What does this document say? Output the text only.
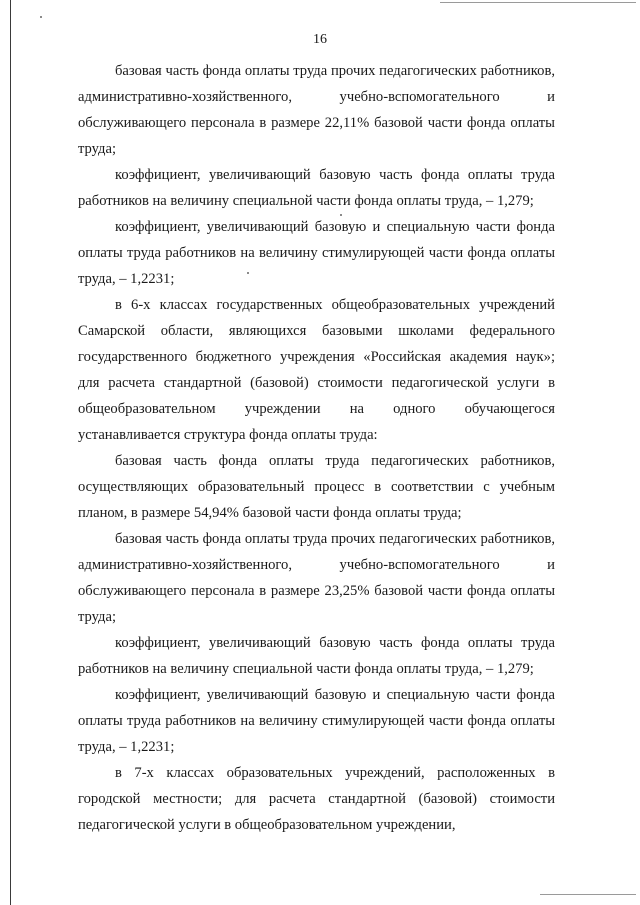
16

базовая часть фонда оплаты труда прочих педагогических работников, административно-хозяйственного, учебно-вспомогательного и обслуживающего персонала в размере 22,11% базовой части фонда оплаты труда;

коэффициент, увеличивающий базовую часть фонда оплаты труда работников на величину специальной части фонда оплаты труда, – 1,279;

коэффициент, увеличивающий базовую и специальную части фонда оплаты труда работников на величину стимулирующей части фонда оплаты труда, – 1,2231;

в 6-х классах государственных общеобразовательных учреждений Самарской области, являющихся базовыми школами федерального государственного бюджетного учреждения «Российская академия наук»; для расчета стандартной (базовой) стоимости педагогической услуги в общеобразовательном учреждении на одного обучающегося устанавливается структура фонда оплаты труда:

базовая часть фонда оплаты труда педагогических работников, осуществляющих образовательный процесс в соответствии с учебным планом, в размере 54,94% базовой части фонда оплаты труда;

базовая часть фонда оплаты труда прочих педагогических работников, административно-хозяйственного, учебно-вспомогательного и обслуживающего персонала в размере 23,25% базовой части фонда оплаты труда;

коэффициент, увеличивающий базовую часть фонда оплаты труда работников на величину специальной части фонда оплаты труда, – 1,279;

коэффициент, увеличивающий базовую и специальную части фонда оплаты труда работников на величину стимулирующей части фонда оплаты труда, – 1,2231;

в 7-х классах образовательных учреждений, расположенных в городской местности; для расчета стандартной (базовой) стоимости педагогической услуги в общеобразовательном учреждении,
